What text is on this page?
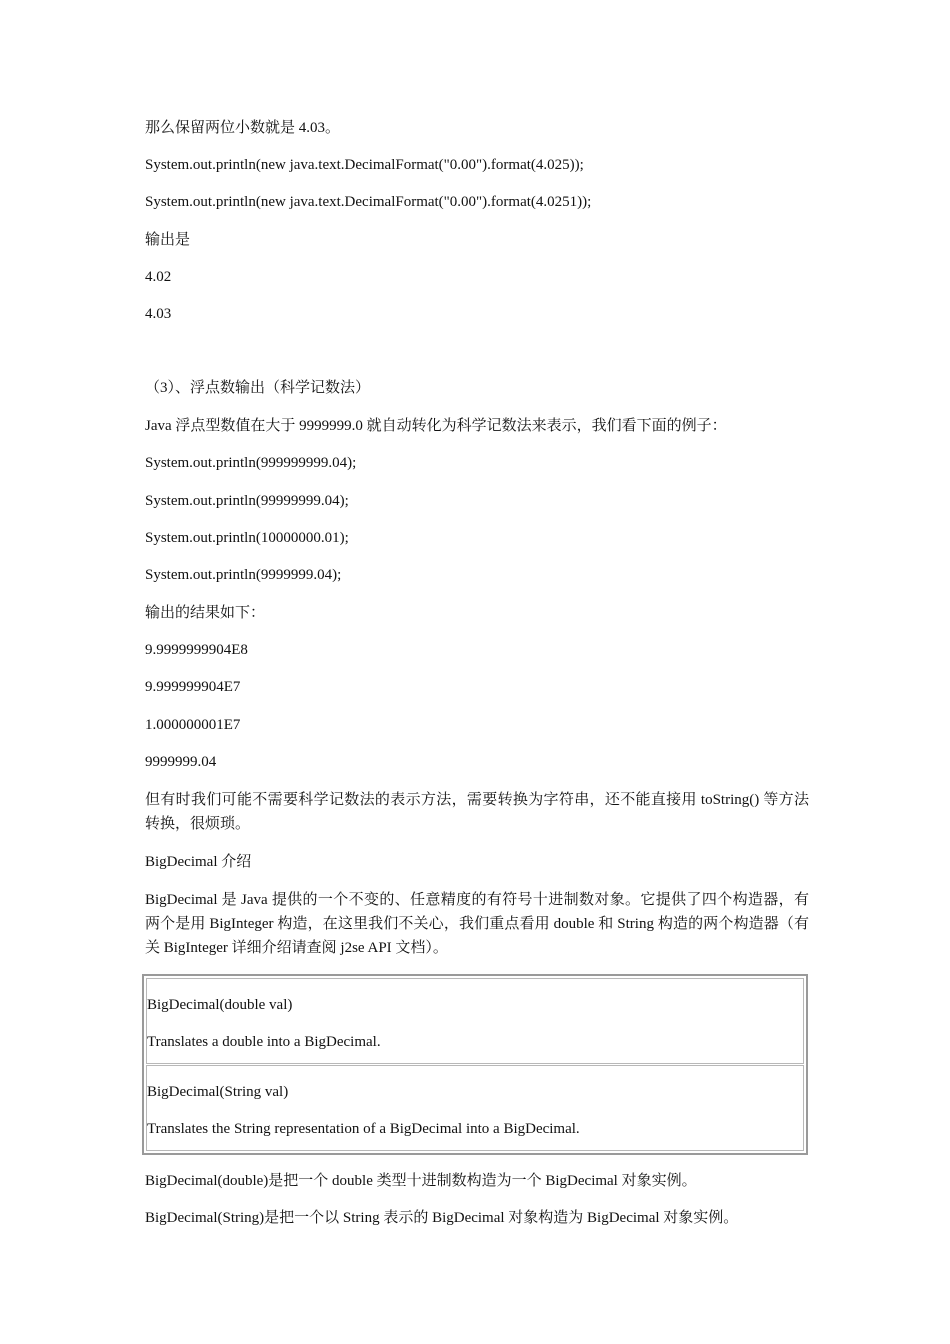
那么保留两位小数就是 4.03。
System.out.println(new java.text.DecimalFormat("0.00").format(4.025));
System.out.println(new java.text.DecimalFormat("0.00").format(4.0251));
输出是
4.02
4.03
（3）、浮点数输出（科学记数法）
Java 浮点型数值在大于 9999999.0 就自动转化为科学记数法来表示，我们看下面的例子：
System.out.println(999999999.04);
System.out.println(99999999.04);
System.out.println(10000000.01);
System.out.println(9999999.04);
输出的结果如下：
9.9999999904E8
9.999999904E7
1.000000001E7
9999999.04
但有时我们可能不需要科学记数法的表示方法，需要转换为字符串，还不能直接用 toString() 等方法转换，很烦琐。
BigDecimal 介绍
BigDecimal 是 Java 提供的一个不变的、任意精度的有符号十进制数对象。它提供了四个构造器，有两个是用 BigInteger 构造，在这里我们不关心，我们重点看用 double 和 String 构造的两个构造器（有关 BigInteger 详细介绍请查阅 j2se API 文档）。
BigDecimal(double val)
Translates a double into a BigDecimal.
BigDecimal(String val)
Translates the String representation of a BigDecimal into a BigDecimal.
BigDecimal(double)是把一个 double 类型十进制数构造为一个 BigDecimal 对象实例。
BigDecimal(String)是把一个以 String 表示的 BigDecimal 对象构造为 BigDecimal 对象实例。
